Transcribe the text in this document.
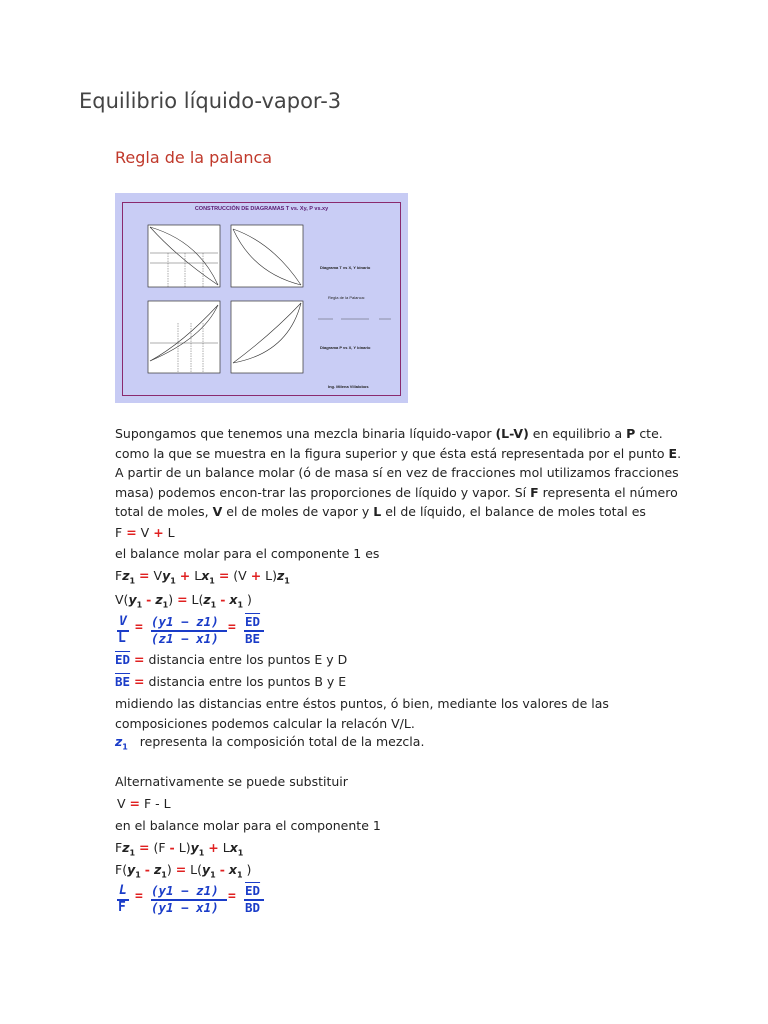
Equilibrio líquido-vapor-3
Regla de la palanca
CONSTRUCCIÓN DE DIAGRAMAS T vs. Xy, P vs.xy
Diagrama T vs X, Y binario
Regla de la Palanca:
Diagrama P vs X, Y binario
Ing. Milena Villalobos
Supongamos que tenemos una mezcla binaria líquido-vapor (L-V) en equilibrio a P cte. como la que se muestra en la figura superior y que ésta está representada por el punto E. A partir de un balance molar (ó de masa sí en vez de fracciones mol utilizamos fracciones masa) podemos encon-trar las proporciones de líquido y vapor. Sí F representa el número total de moles, V el de moles de vapor y L el de líquido, el balance de moles total es
F = V + L
el balance molar para el componente 1 es
$Fz_1 = Vy_1 + Lx_1 = (V + L)z_1$
$V(y_1 - z_1) = L(z_1 - x_1$ )
V
L
= (y1 − z1)
(z1 − x1)
= $\overline{ED}$
$\overline{BE}$
$\overline{ED}$ = distancia entre los puntos E y D
$\overline{BE}$ = distancia entre los puntos B y E
midiendo las distancias entre éstos puntos, ó bien, mediante los valores de las composiciones podemos calcular la relacón V/L.
$z_1$ representa la composición total de la mezcla.
Alternativamente se puede substituir
V = F - L
en el balance molar para el componente 1
$Fz_1 = (F - L)y_1 + Lx_1$
$F(y_1 - z_1) = L(y_1 - x_1$ )
L
F
= (y1 − z1)
(y1 − x1)
= $\overline{ED}$
$\overline{BD}$
